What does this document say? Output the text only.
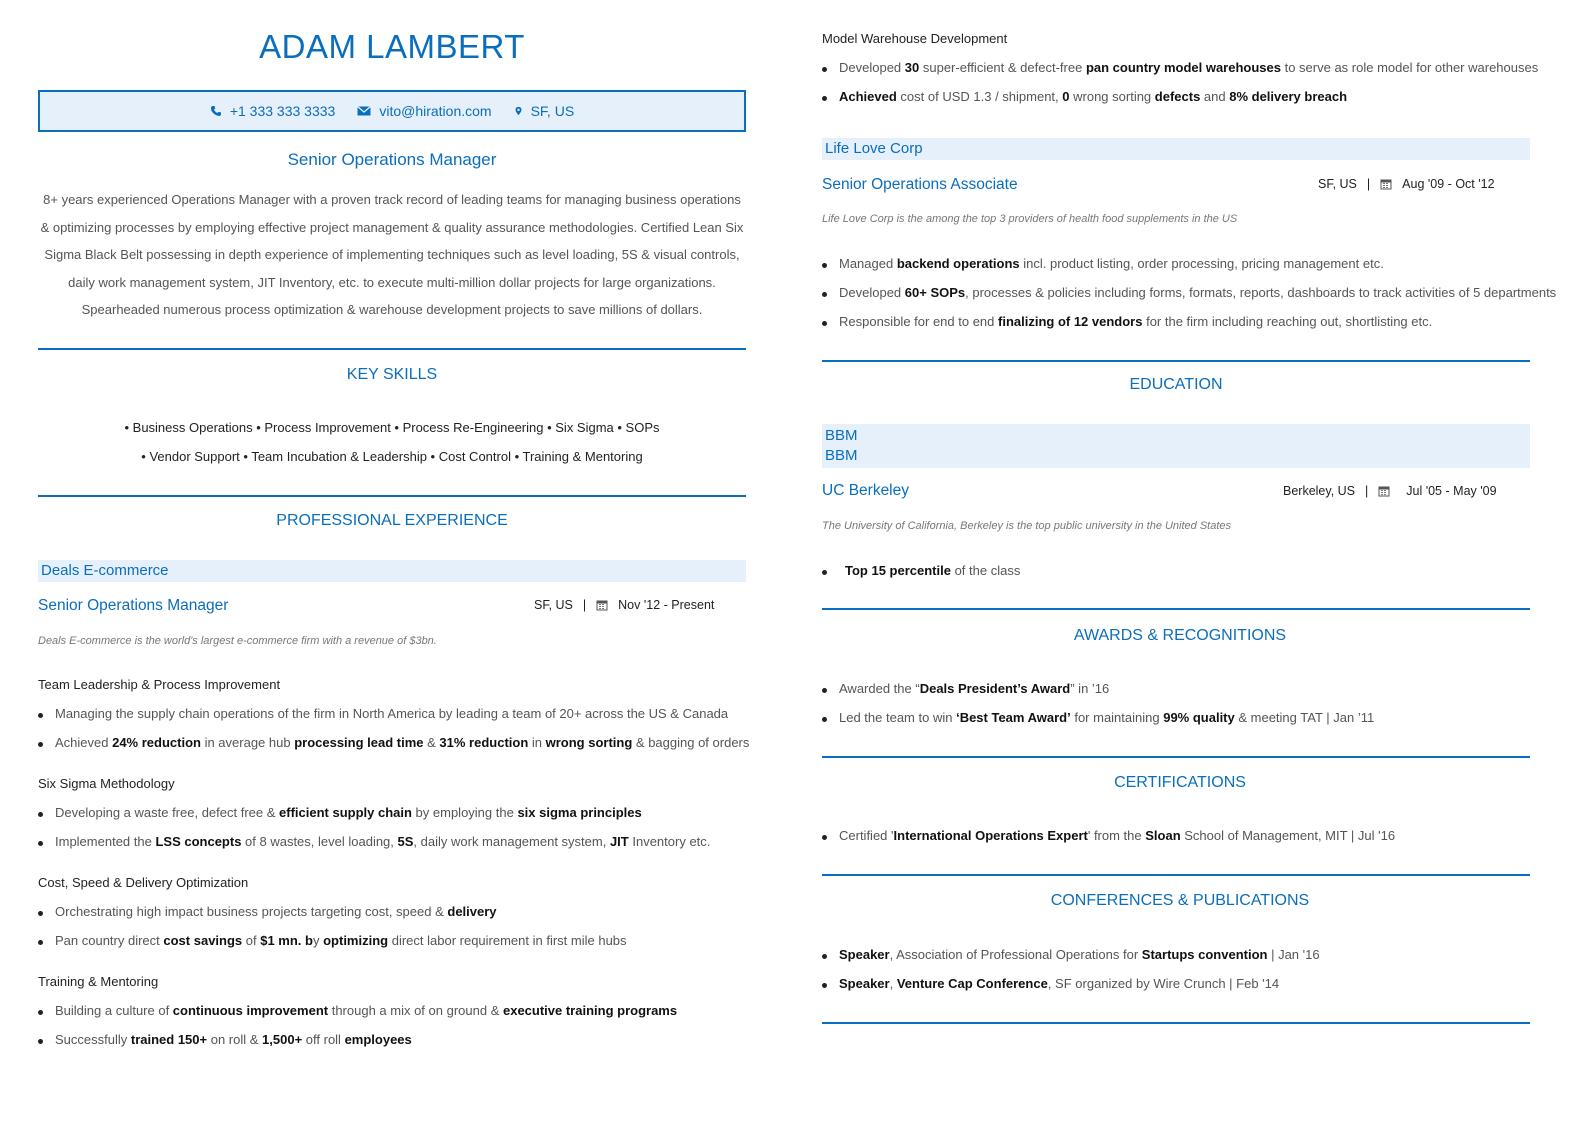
ADAM LAMBERT
+1 333 333 3333	vito@hiration.com	SF, US
Senior Operations Manager
8+ years experienced Operations Manager with a proven track record of leading teams for managing business operations & optimizing processes by employing effective project management & quality assurance methodologies. Certified Lean Six Sigma Black Belt possessing in depth experience of implementing techniques such as level loading, 5S & visual controls, daily work management system, JIT Inventory, etc. to execute multi-million dollar projects for large organizations. Spearheaded numerous process optimization & warehouse development projects to save millions of dollars.
KEY SKILLS
• Business Operations • Process Improvement • Process Re-Engineering • Six Sigma • SOPs
• Vendor Support • Team Incubation & Leadership • Cost Control • Training & Mentoring
PROFESSIONAL EXPERIENCE
Deals E-commerce
Senior Operations Manager	SF, US |	Nov '12 - Present
Deals E-commerce is the world's largest e-commerce firm with a revenue of $3bn.
Team Leadership & Process Improvement
Managing the supply chain operations of the firm in North America by leading a team of 20+ across the US & Canada
Achieved 24% reduction in average hub processing lead time & 31% reduction in wrong sorting & bagging of orders
Six Sigma Methodology
Developing a waste free, defect free & efficient supply chain by employing the six sigma principles
Implemented the LSS concepts of 8 wastes, level loading, 5S, daily work management system, JIT Inventory etc.
Cost, Speed & Delivery Optimization
Orchestrating high impact business projects targeting cost, speed & delivery
Pan country direct cost savings of $1 mn. by optimizing direct labor requirement in first mile hubs
Training & Mentoring
Building a culture of continuous improvement through a mix of on ground & executive training programs
Successfully trained 150+ on roll & 1,500+ off roll employees
Model Warehouse Development
Developed 30 super-efficient & defect-free pan country model warehouses to serve as role model for other warehouses
Achieved cost of USD 1.3 / shipment, 0 wrong sorting defects and 8% delivery breach
Life Love Corp
Senior Operations Associate	SF, US |	Aug '09 - Oct '12
Life Love Corp is the among the top 3 providers of health food supplements in the US
Managed backend operations incl. product listing, order processing, pricing management etc.
Developed 60+ SOPs, processes & policies including forms, formats, reports, dashboards to track activities of 5 departments
Responsible for end to end finalizing of 12 vendors for the firm including reaching out, shortlisting etc.
EDUCATION
BBM
BBM
UC Berkeley	Berkeley, US |	Jul '05 - May '09
The University of California, Berkeley is the top public university in the United States
Top 15 percentile of the class
AWARDS & RECOGNITIONS
Awarded the “Deals President’s Award” in ’16
Led the team to win ‘Best Team Award’ for maintaining 99% quality & meeting TAT | Jan ’11
CERTIFICATIONS
Certified 'International Operations Expert' from the Sloan School of Management, MIT | Jul '16
CONFERENCES & PUBLICATIONS
Speaker, Association of Professional Operations for Startups convention | Jan '16
Speaker, Venture Cap Conference, SF organized by Wire Crunch | Feb '14
